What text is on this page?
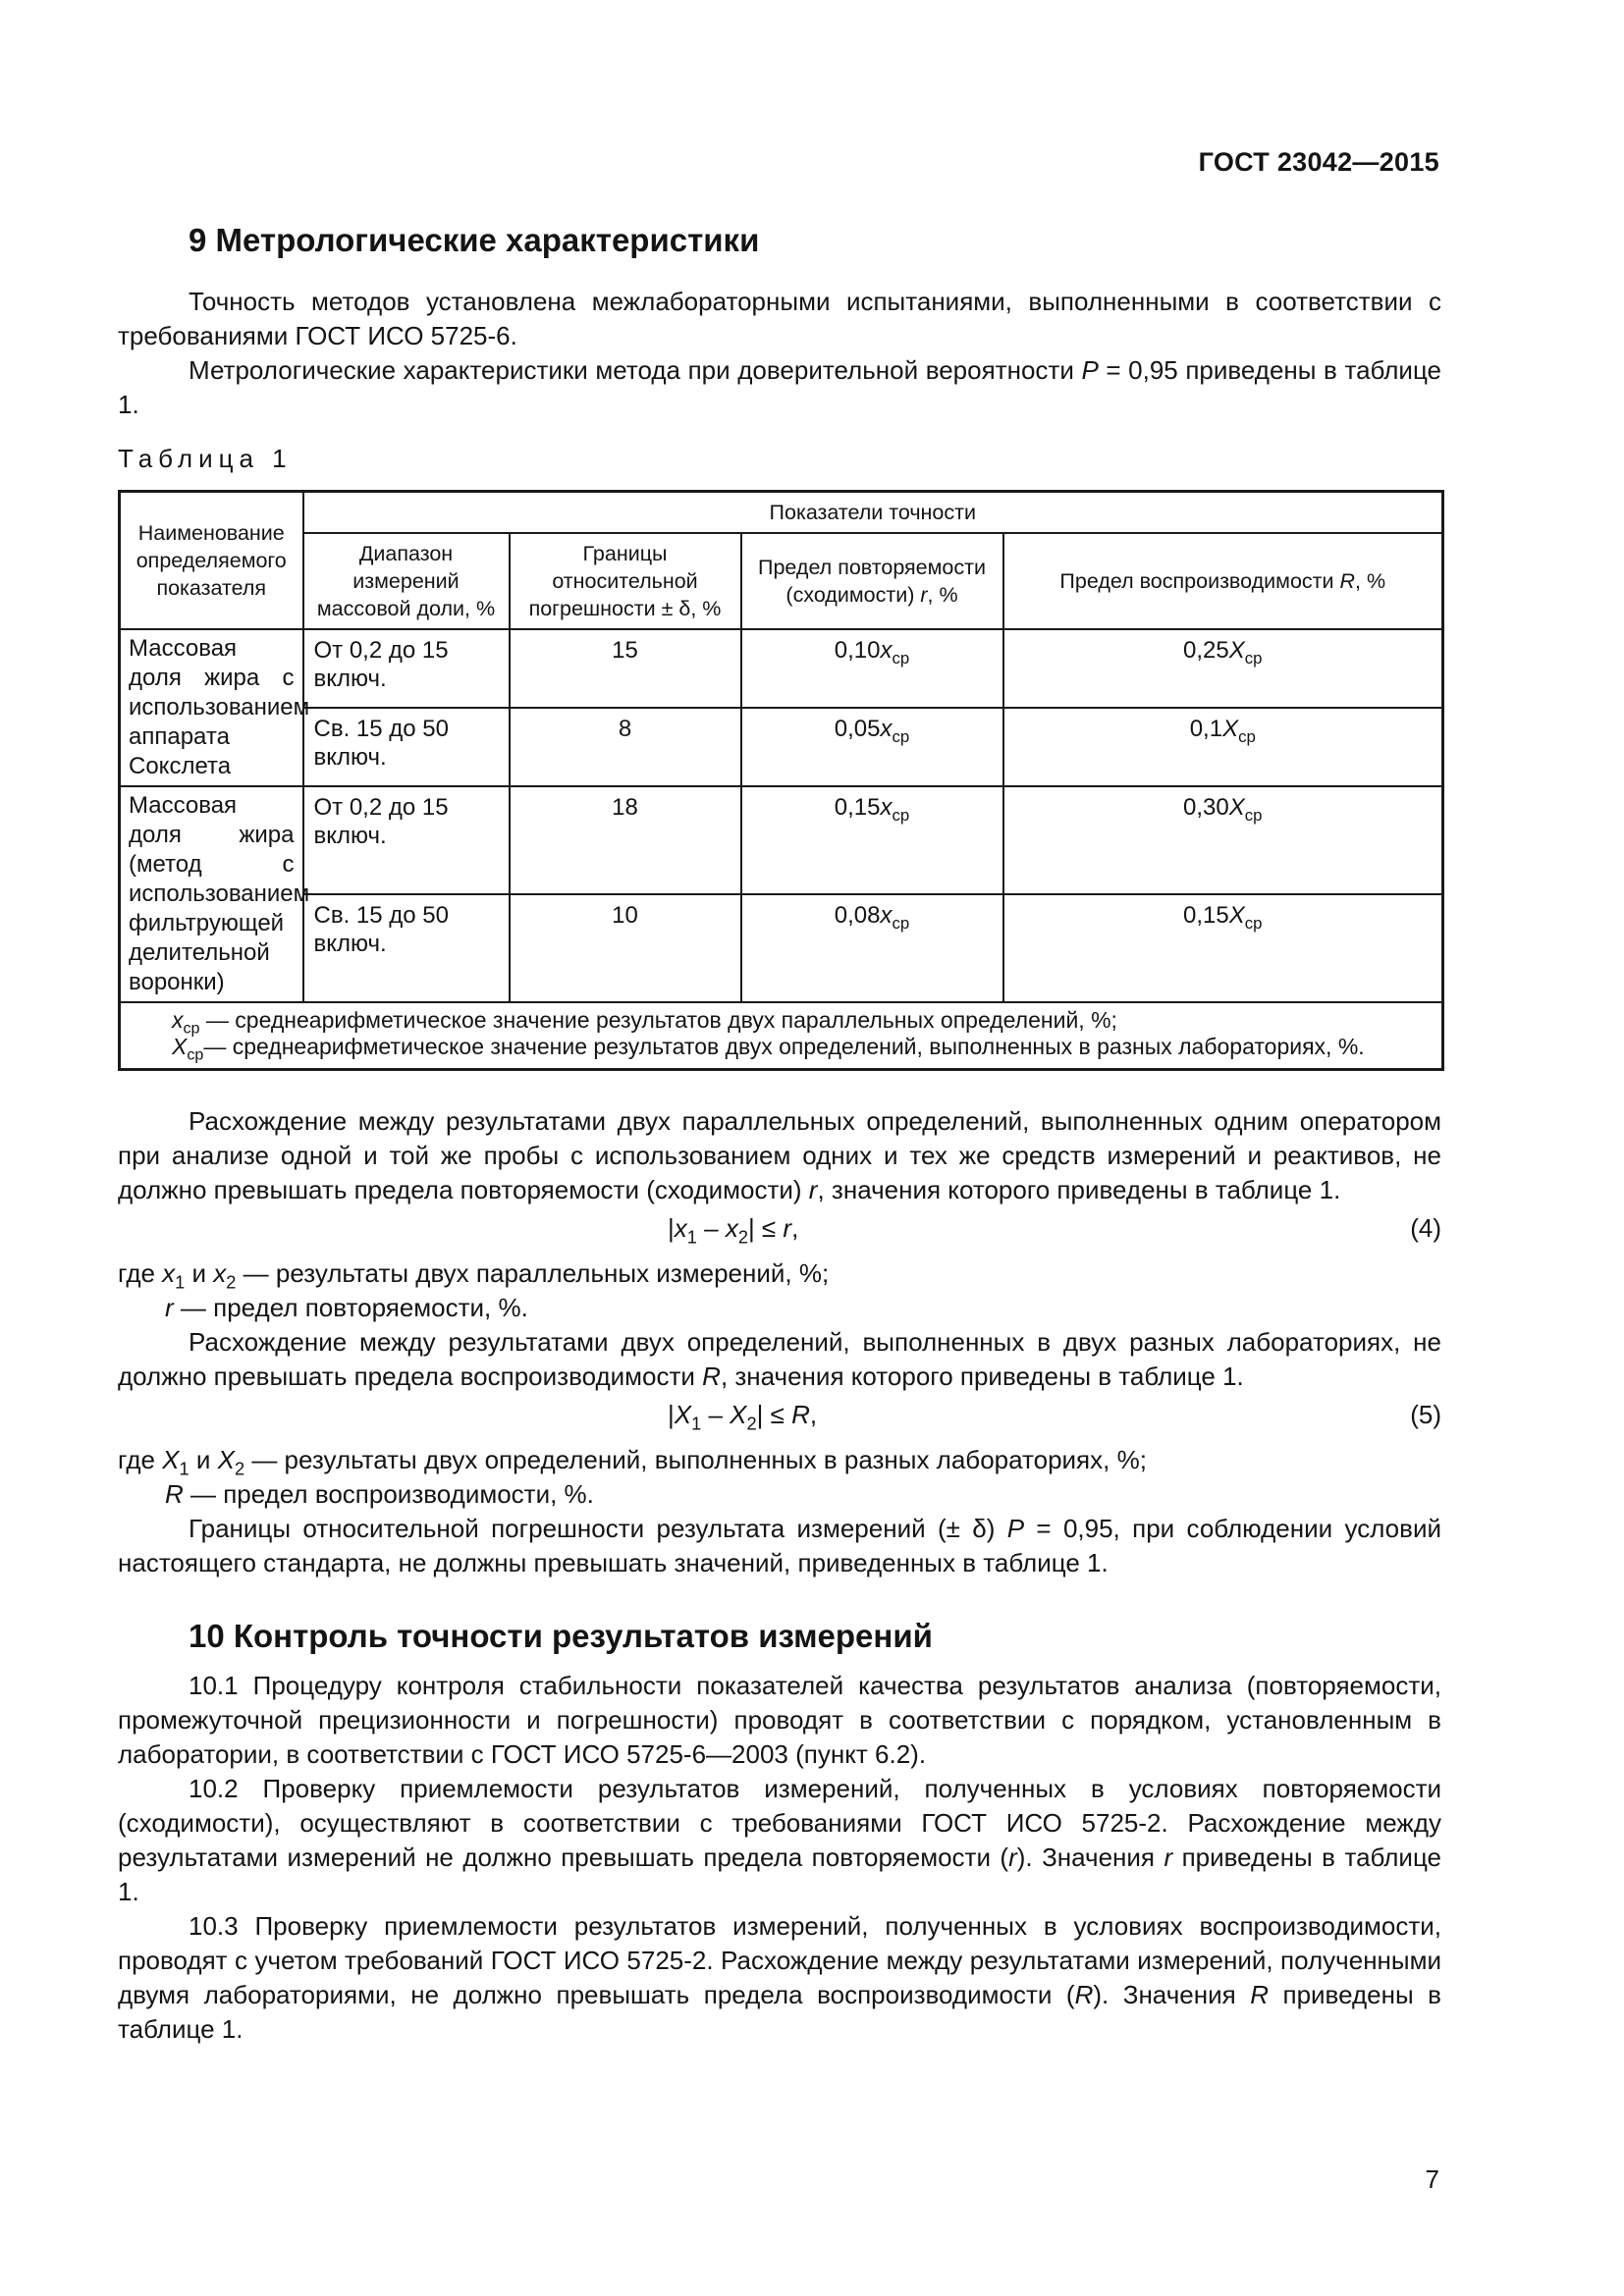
ГОСТ 23042—2015
9 Метрологические характеристики

Точность методов установлена межлабораторными испытаниями, выполненными в соответствии с требованиями ГОСТ ИСО 5725-6.

Метрологические характеристики метода при доверительной вероятности P = 0,95 приведены в таблице 1.

Таблица 1
Наименование определяемого показателя	Показатели точности			
	Диапазон измерений массовой доли, %	Границы относительной погрешности ± δ, %	Предел повторяемости (сходимости) r, %	Предел воспроизводимости R, %
Массовая доля жира с использованием аппарата Сокслета	От 0,2 до 15 включ.	15	$0,10x_{ср}$	$0,25X_{ср}$
	Св. 15 до 50 включ.	8	$0,05x_{ср}$	$0,1X_{ср}$
Массовая доля жира (метод с использованием фильтрующей делительной воронки)	От 0,2 до 15 включ.	18	$0,15x_{ср}$	$0,30X_{ср}$
	Св. 15 до 50 включ.	10	$0,08x_{ср}$	$0,15X_{ср}$

$x_{ср}$ — среднеарифметическое значение результатов двух параллельных определений, %;
$X_{ср}—$ среднеарифметическое значение результатов двух определений, выполненных в разных лабораториях, %.				

Расхождение между результатами двух параллельных определений, выполненных одним оператором при анализе одной и той же пробы с использованием одних и тех же средств измерений и реактивов, не должно превышать предела повторяемости (сходимости) r, значения которого приведены в таблице 1.

$|x_1 - x_2| \le r$,	(4)

где $x_1$ и $x_2$ — результаты двух параллельных измерений, %;

r — предел повторяемости, %.

Расхождение между результатами двух определений, выполненных в двух разных лабораториях, не должно превышать предела воспроизводимости R, значения которого приведены в таблице 1.

$|X_1 - X_2| \le R$,	(5)

где $X_1$ и $X_2$ — результаты двух определений, выполненных в разных лабораториях, %;

R — предел воспроизводимости, %.

Границы относительной погрешности результата измерений (± δ) P = 0,95, при соблюдении условий настоящего стандарта, не должны превышать значений, приведенных в таблице 1.

10 Контроль точности результатов измерений

10.1 Процедуру контроля стабильности показателей качества результатов анализа (повторяемости, промежуточной прецизионности и погрешности) проводят в соответствии с порядком, установленным в лаборатории, в соответствии с ГОСТ ИСО 5725-6—2003 (пункт 6.2).

10.2 Проверку приемлемости результатов измерений, полученных в условиях повторяемости (сходимости), осуществляют в соответствии с требованиями ГОСТ ИСО 5725-2. Расхождение между результатами измерений не должно превышать предела повторяемости (r). Значения r приведены в таблице 1.

10.3 Проверку приемлемости результатов измерений, полученных в условиях воспроизводимости, проводят с учетом требований ГОСТ ИСО 5725-2. Расхождение между результатами измерений, полученными двумя лабораториями, не должно превышать предела воспроизводимости (R). Значения R приведены в таблице 1.

7
